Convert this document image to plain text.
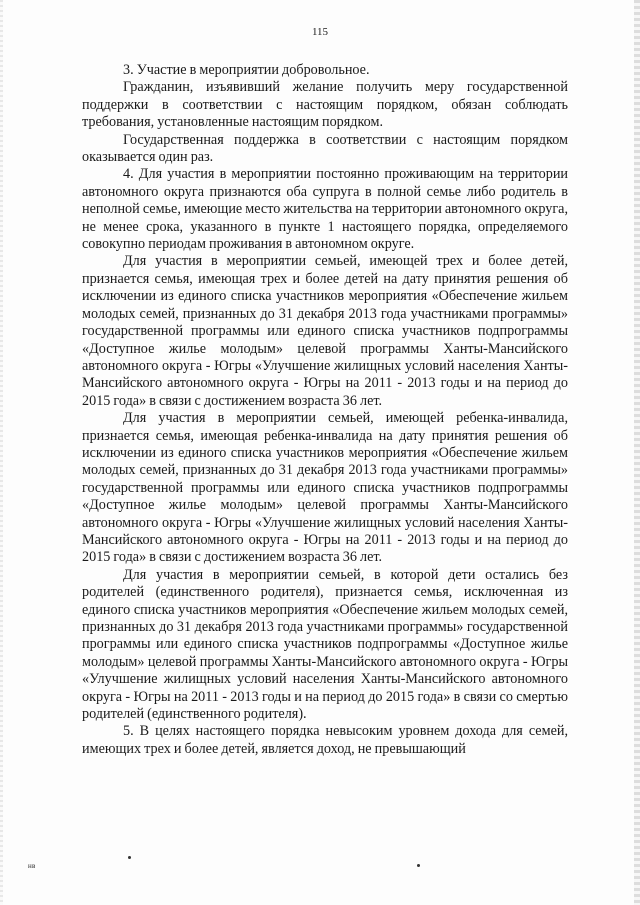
115

3. Участие в мероприятии добровольное.

Гражданин, изъявивший желание получить меру государственной поддержки в соответствии с настоящим порядком, обязан соблюдать требования, установленные настоящим порядком.

Государственная поддержка в соответствии с настоящим порядком оказывается один раз.

4. Для участия в мероприятии постоянно проживающим на территории автономного округа признаются оба супруга в полной семье либо родитель в неполной семье, имеющие место жительства на территории автономного округа, не менее срока, указанного в пункте 1 настоящего порядка, определяемого совокупно периодам проживания в автономном округе.

Для участия в мероприятии семьей, имеющей трех и более детей, признается семья, имеющая трех и более детей на дату принятия решения об исключении из единого списка участников мероприятия «Обеспечение жильем молодых семей, признанных до 31 декабря 2013 года участниками программы» государственной программы или единого списка участников подпрограммы «Доступное жилье молодым» целевой программы Ханты-Мансийского автономного округа - Югры «Улучшение жилищных условий населения Ханты-Мансийского автономного округа - Югры на 2011 - 2013 годы и на период до 2015 года» в связи с достижением возраста 36 лет.

Для участия в мероприятии семьей, имеющей ребенка-инвалида, признается семья, имеющая ребенка-инвалида на дату принятия решения об исключении из единого списка участников мероприятия «Обеспечение жильем молодых семей, признанных до 31 декабря 2013 года участниками программы» государственной программы или единого списка участников подпрограммы «Доступное жилье молодым» целевой программы Ханты-Мансийского автономного округа - Югры «Улучшение жилищных условий населения Ханты-Мансийского автономного округа - Югры на 2011 - 2013 годы и на период до 2015 года» в связи с достижением возраста 36 лет.

Для участия в мероприятии семьей, в которой дети остались без родителей (единственного родителя), признается семья, исключенная из единого списка участников мероприятия «Обеспечение жильем молодых семей, признанных до 31 декабря 2013 года участниками программы» государственной программы или единого списка участников подпрограммы «Доступное жилье молодым» целевой программы Ханты-Мансийского автономного округа - Югры «Улучшение жилищных условий населения Ханты-Мансийского автономного округа - Югры на 2011 - 2013 годы и на период до 2015 года» в связи со смертью родителей (единственного родителя).

5. В целях настоящего порядка невысоким уровнем дохода для семей, имеющих трех и более детей, является доход, не превышающий

нв
